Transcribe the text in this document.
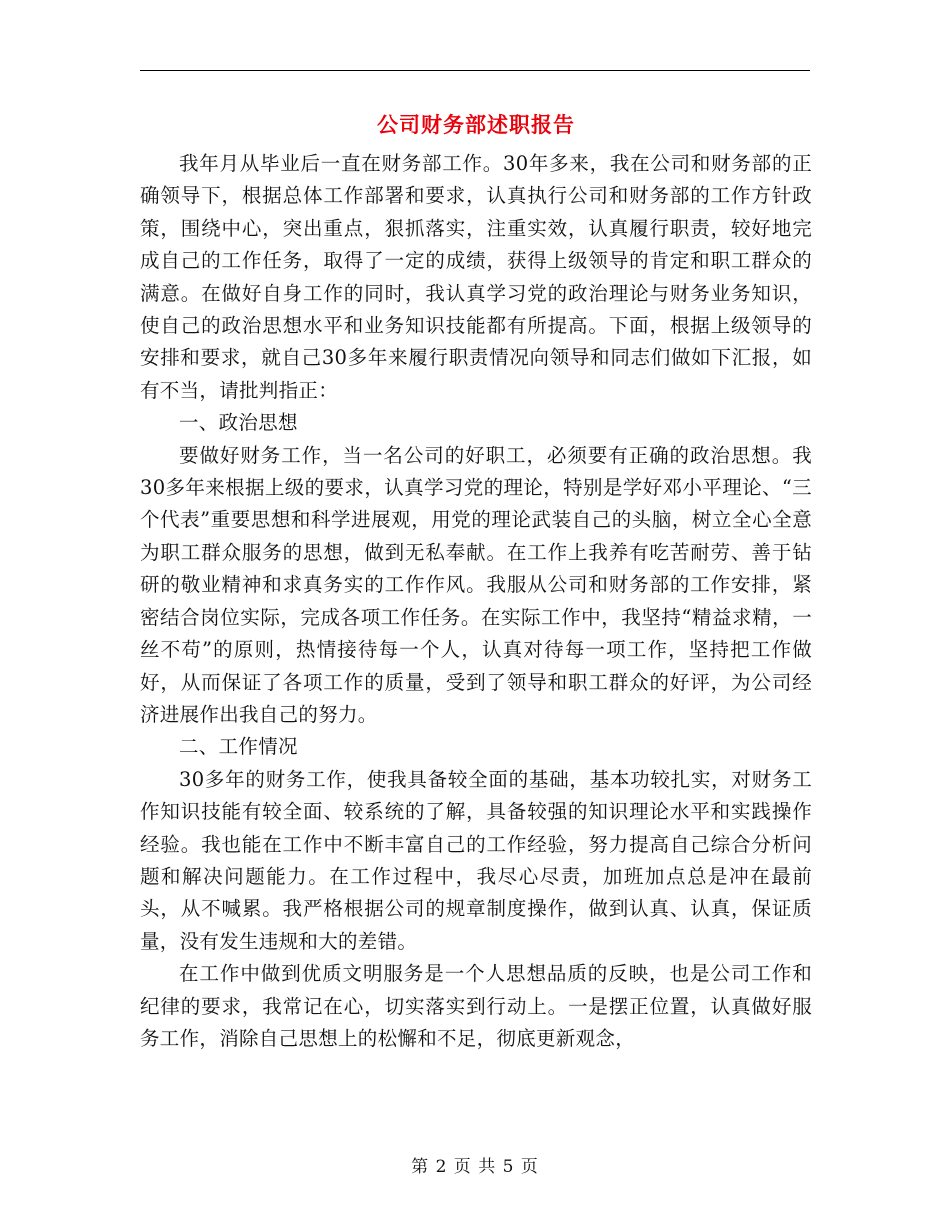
公司财务部述职报告

我年月从毕业后一直在财务部工作。30年多来，我在公司和财务部的正确领导下，根据总体工作部署和要求，认真执行公司和财务部的工作方针政策，围绕中心，突出重点，狠抓落实，注重实效，认真履行职责，较好地完成自己的工作任务，取得了一定的成绩，获得上级领导的肯定和职工群众的满意。在做好自身工作的同时，我认真学习党的政治理论与财务业务知识，使自己的政治思想水平和业务知识技能都有所提高。下面，根据上级领导的安排和要求，就自己30多年来履行职责情况向领导和同志们做如下汇报，如有不当，请批判指正：

一、政治思想

要做好财务工作，当一名公司的好职工，必须要有正确的政治思想。我30多年来根据上级的要求，认真学习党的理论，特别是学好邓小平理论、“三个代表”重要思想和科学进展观，用党的理论武装自己的头脑，树立全心全意为职工群众服务的思想，做到无私奉献。在工作上我养有吃苦耐劳、善于钻研的敬业精神和求真务实的工作作风。我服从公司和财务部的工作安排，紧密结合岗位实际，完成各项工作任务。在实际工作中，我坚持“精益求精，一丝不苟”的原则，热情接待每一个人，认真对待每一项工作，坚持把工作做好，从而保证了各项工作的质量，受到了领导和职工群众的好评，为公司经济进展作出我自己的努力。

二、工作情况

30多年的财务工作，使我具备较全面的基础，基本功较扎实，对财务工作知识技能有较全面、较系统的了解，具备较强的知识理论水平和实践操作经验。我也能在工作中不断丰富自己的工作经验，努力提高自己综合分析问题和解决问题能力。在工作过程中，我尽心尽责，加班加点总是冲在最前头，从不喊累。我严格根据公司的规章制度操作，做到认真、认真，保证质量，没有发生违规和大的差错。

在工作中做到优质文明服务是一个人思想品质的反映，也是公司工作和纪律的要求，我常记在心，切实落实到行动上。一是摆正位置，认真做好服务工作，消除自己思想上的松懈和不足，彻底更新观念，

第 2 页 共 5 页
